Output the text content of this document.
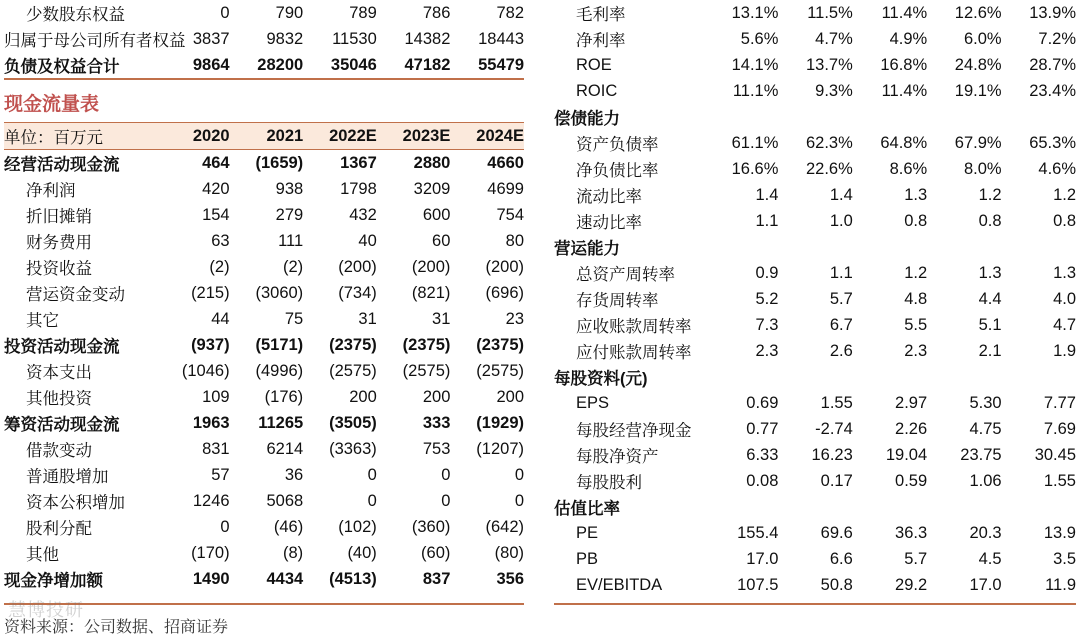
少数股东权益	0	790	789	786	782
归属于母公司所有者权益	3837	9832	11530	14382	18443
负债及权益合计	9864	28200	35046	47182	55479
现金流量表
单位：百万元	2020	2021	2022E	2023E	2024E
经营活动现金流	464	(1659)	1367	2880	4660
净利润	420	938	1798	3209	4699
折旧摊销	154	279	432	600	754
财务费用	63	111	40	60	80
投资收益	(2)	(2)	(200)	(200)	(200)
营运资金变动	(215)	(3060)	(734)	(821)	(696)
其它	44	75	31	31	23
投资活动现金流	(937)	(5171)	(2375)	(2375)	(2375)
资本支出	(1046)	(4996)	(2575)	(2575)	(2575)
其他投资	109	(176)	200	200	200
筹资活动现金流	1963	11265	(3505)	333	(1929)
借款变动	831	6214	(3363)	753	(1207)
普通股增加	57	36	0	0	0
资本公积增加	1246	5068	0	0	0
股利分配	0	(46)	(102)	(360)	(642)
其他	(170)	(8)	(40)	(60)	(80)
现金净增加额	1490	4434	(4513)	837	356
毛利率	13.1%	11.5%	11.4%	12.6%	13.9%
净利率	5.6%	4.7%	4.9%	6.0%	7.2%
ROE	14.1%	13.7%	16.8%	24.8%	28.7%
ROIC	11.1%	9.3%	11.4%	19.1%	23.4%
偿债能力					
资产负债率	61.1%	62.3%	64.8%	67.9%	65.3%
净负债比率	16.6%	22.6%	8.6%	8.0%	4.6%
流动比率	1.4	1.4	1.3	1.2	1.2
速动比率	1.1	1.0	0.8	0.8	0.8
营运能力					
总资产周转率	0.9	1.1	1.2	1.3	1.3
存货周转率	5.2	5.7	4.8	4.4	4.0
应收账款周转率	7.3	6.7	5.5	5.1	4.7
应付账款周转率	2.3	2.6	2.3	2.1	1.9
每股资料(元)					
EPS	0.69	1.55	2.97	5.30	7.77
每股经营净现金	0.77	-2.74	2.26	4.75	7.69
每股净资产	6.33	16.23	19.04	23.75	30.45
每股股利	0.08	0.17	0.59	1.06	1.55
估值比率					
PE	155.4	69.6	36.3	20.3	13.9
PB	17.0	6.6	5.7	4.5	3.5
EV/EBITDA	107.5	50.8	29.2	17.0	11.9
慧博投研
资料来源：公司数据、招商证券
